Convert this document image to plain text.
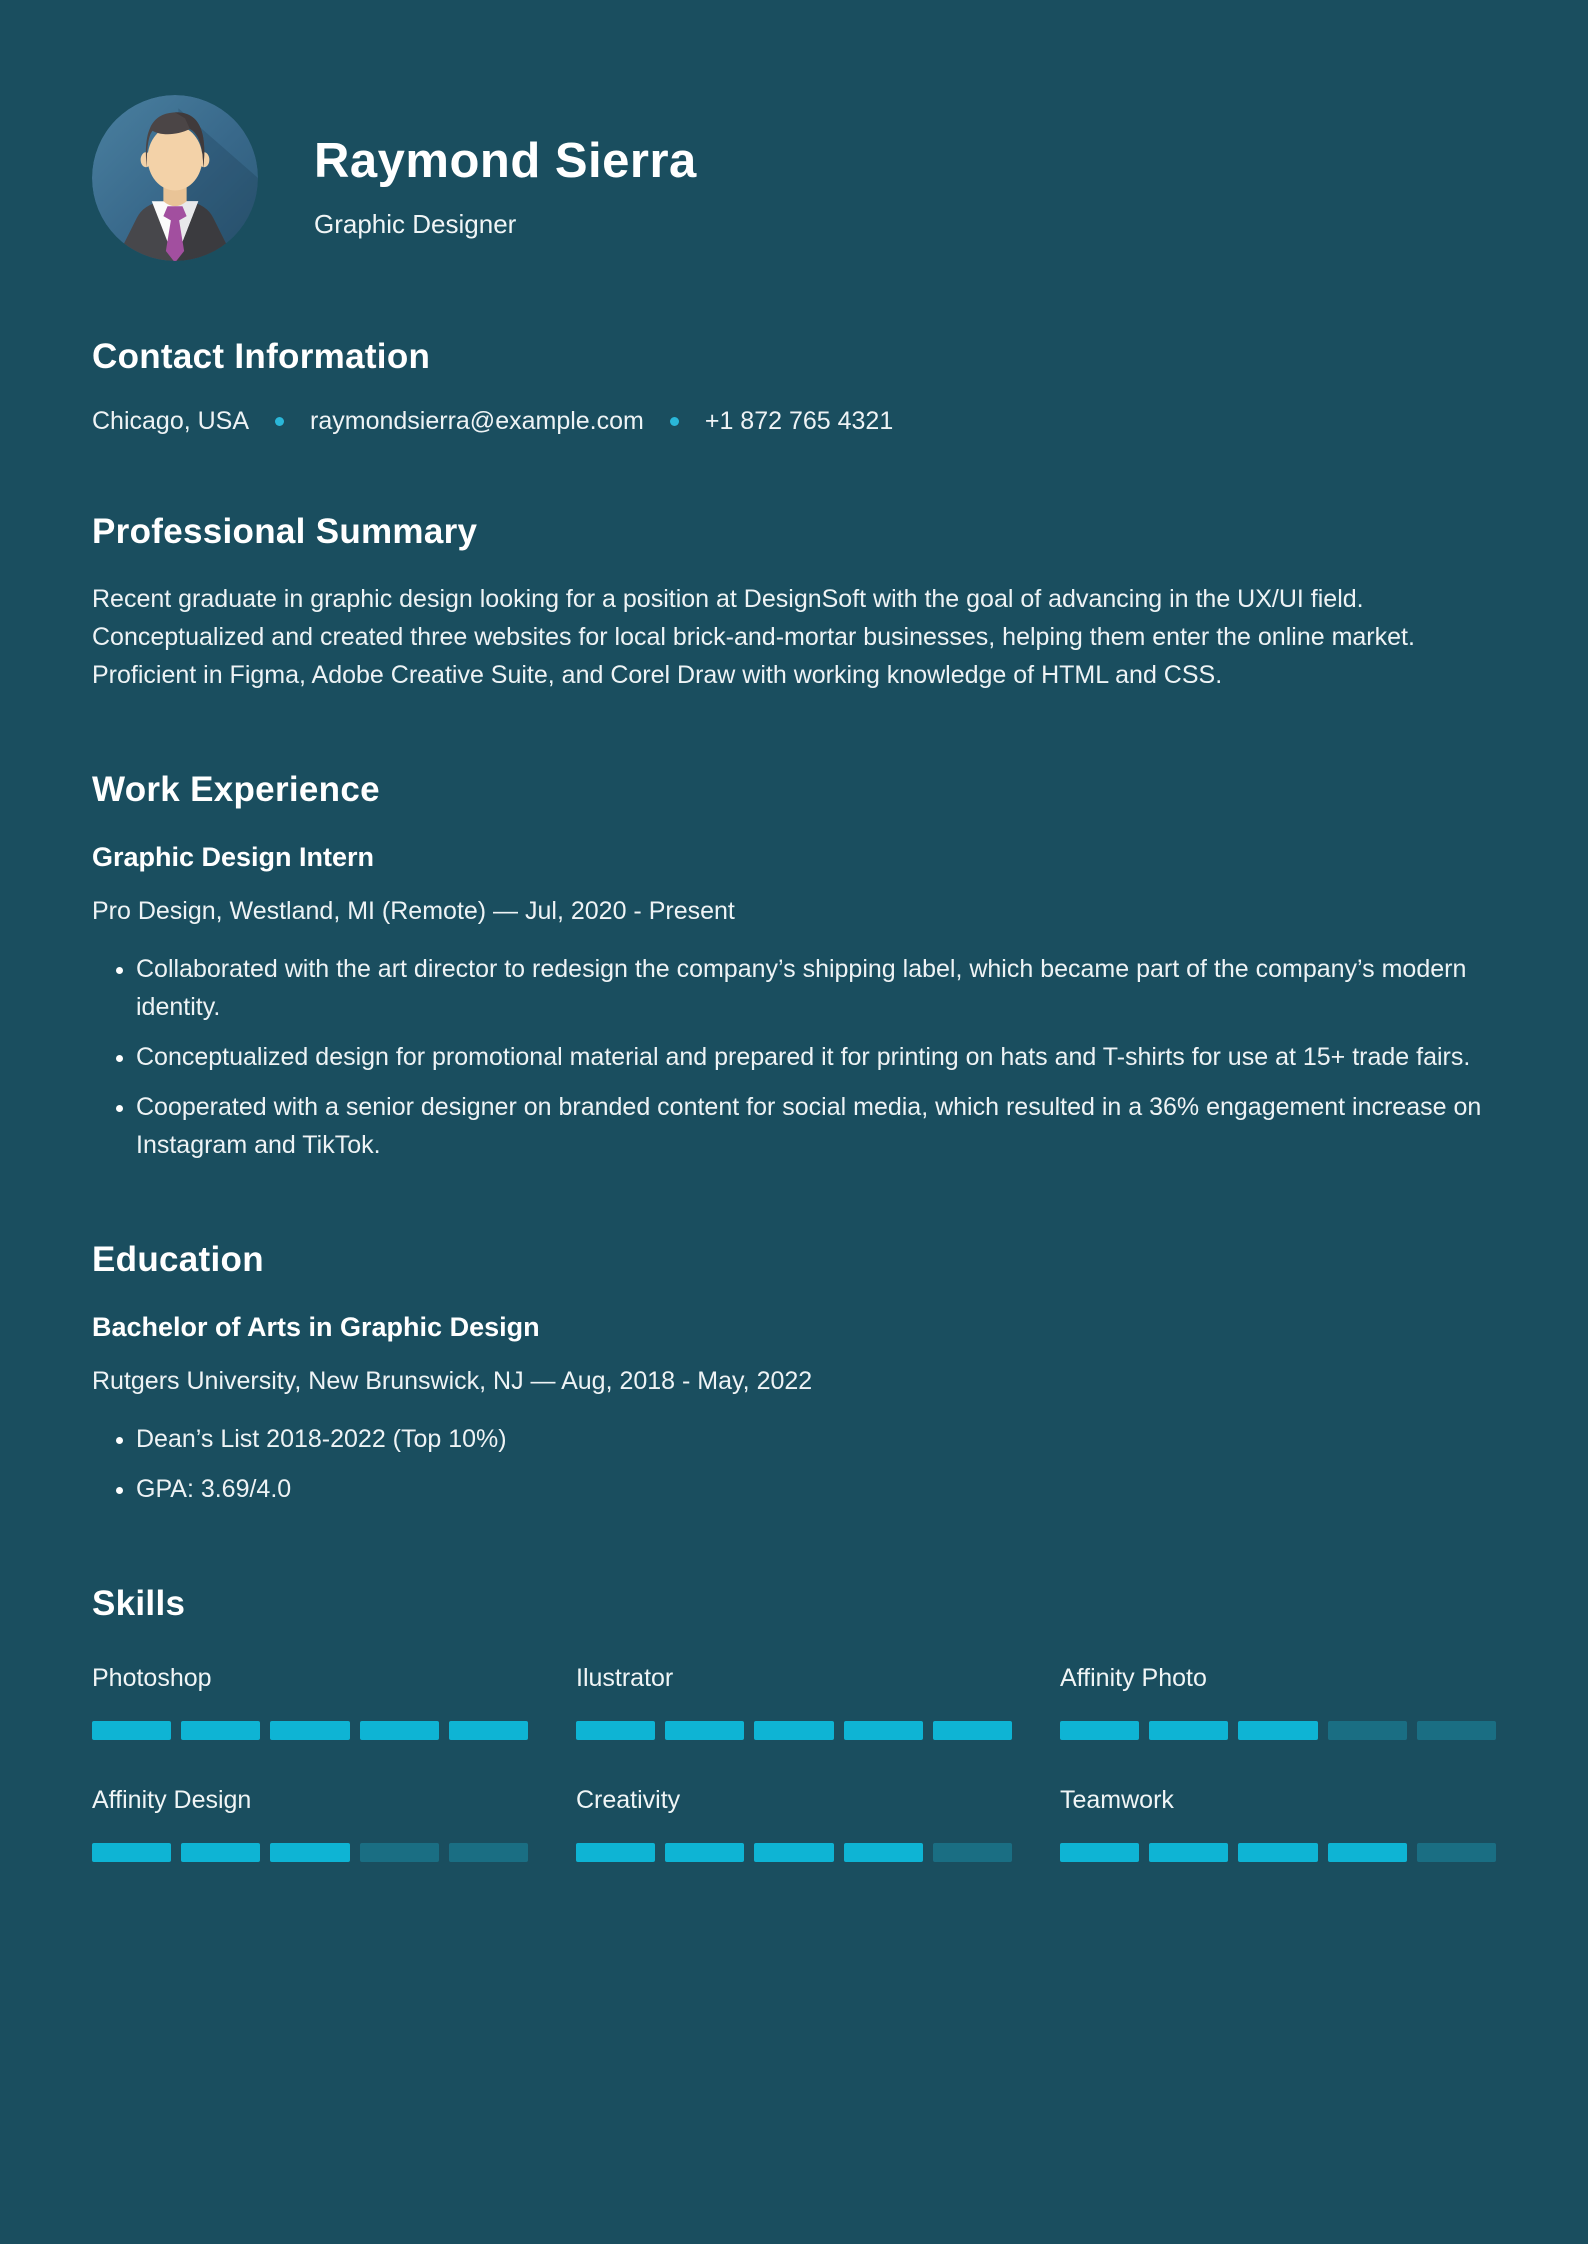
Raymond Sierra
Graphic Designer
Contact Information
Chicago, USA raymondsierra@example.com +1 872 765 4321
Professional Summary
Recent graduate in graphic design looking for a position at DesignSoft with the goal of advancing in the UX/UI field. Conceptualized and created three websites for local brick-and-mortar businesses, helping them enter the online market. Proficient in Figma, Adobe Creative Suite, and Corel Draw with working knowledge of HTML and CSS.
Work Experience
Graphic Design Intern
Pro Design, Westland, MI (Remote) — Jul, 2020 - Present
• Collaborated with the art director to redesign the company’s shipping label, which became part of the company’s modern identity.
• Conceptualized design for promotional material and prepared it for printing on hats and T-shirts for use at 15+ trade fairs.
• Cooperated with a senior designer on branded content for social media, which resulted in a 36% engagement increase on Instagram and TikTok.
Education
Bachelor of Arts in Graphic Design
Rutgers University, New Brunswick, NJ — Aug, 2018 - May, 2022
• Dean’s List 2018-2022 (Top 10%)
• GPA: 3.69/4.0
Skills
Photoshop	Ilustrator	Affinity Photo
Affinity Design	Creativity	Teamwork
